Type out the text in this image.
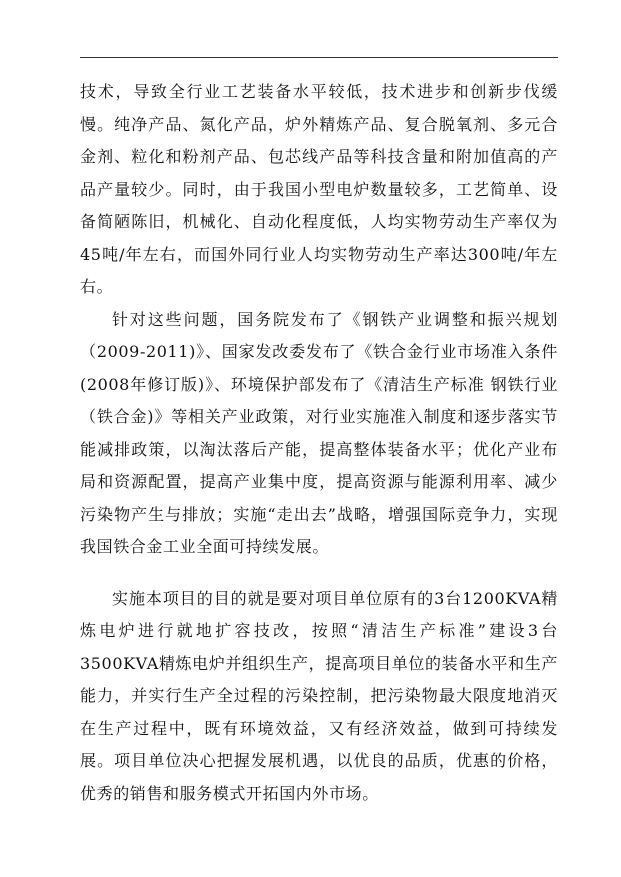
技术，导致全行业工艺装备水平较低，技术进步和创新步伐缓慢。纯净产品、氮化产品，炉外精炼产品、复合脱氧剂、多元合金剂、粒化和粉剂产品、包芯线产品等科技含量和附加值高的产品产量较少。同时，由于我国小型电炉数量较多，工艺简单、设备简陋陈旧，机械化、自动化程度低，人均实物劳动生产率仅为45吨/年左右，而国外同行业人均实物劳动生产率达300吨/年左右。

针对这些问题，国务院发布了《钢铁产业调整和振兴规划（2009-2011)》、国家发改委发布了《铁合金行业市场准入条件(2008年修订版)》、环境保护部发布了《清洁生产标准 钢铁行业（铁合金)》等相关产业政策，对行业实施准入制度和逐步落实节能减排政策，以淘汰落后产能，提高整体装备水平；优化产业布局和资源配置，提高产业集中度，提高资源与能源利用率、减少污染物产生与排放；实施“走出去”战略，增强国际竞争力，实现我国铁合金工业全面可持续发展。

实施本项目的目的就是要对项目单位原有的3台1200KVA精炼电炉进行就地扩容技改，按照“清洁生产标准”建设3台3500KVA精炼电炉并组织生产，提高项目单位的装备水平和生产能力，并实行生产全过程的污染控制，把污染物最大限度地消灭在生产过程中，既有环境效益，又有经济效益，做到可持续发展。项目单位决心把握发展机遇，以优良的品质，优惠的价格，优秀的销售和服务模式开拓国内外市场。
